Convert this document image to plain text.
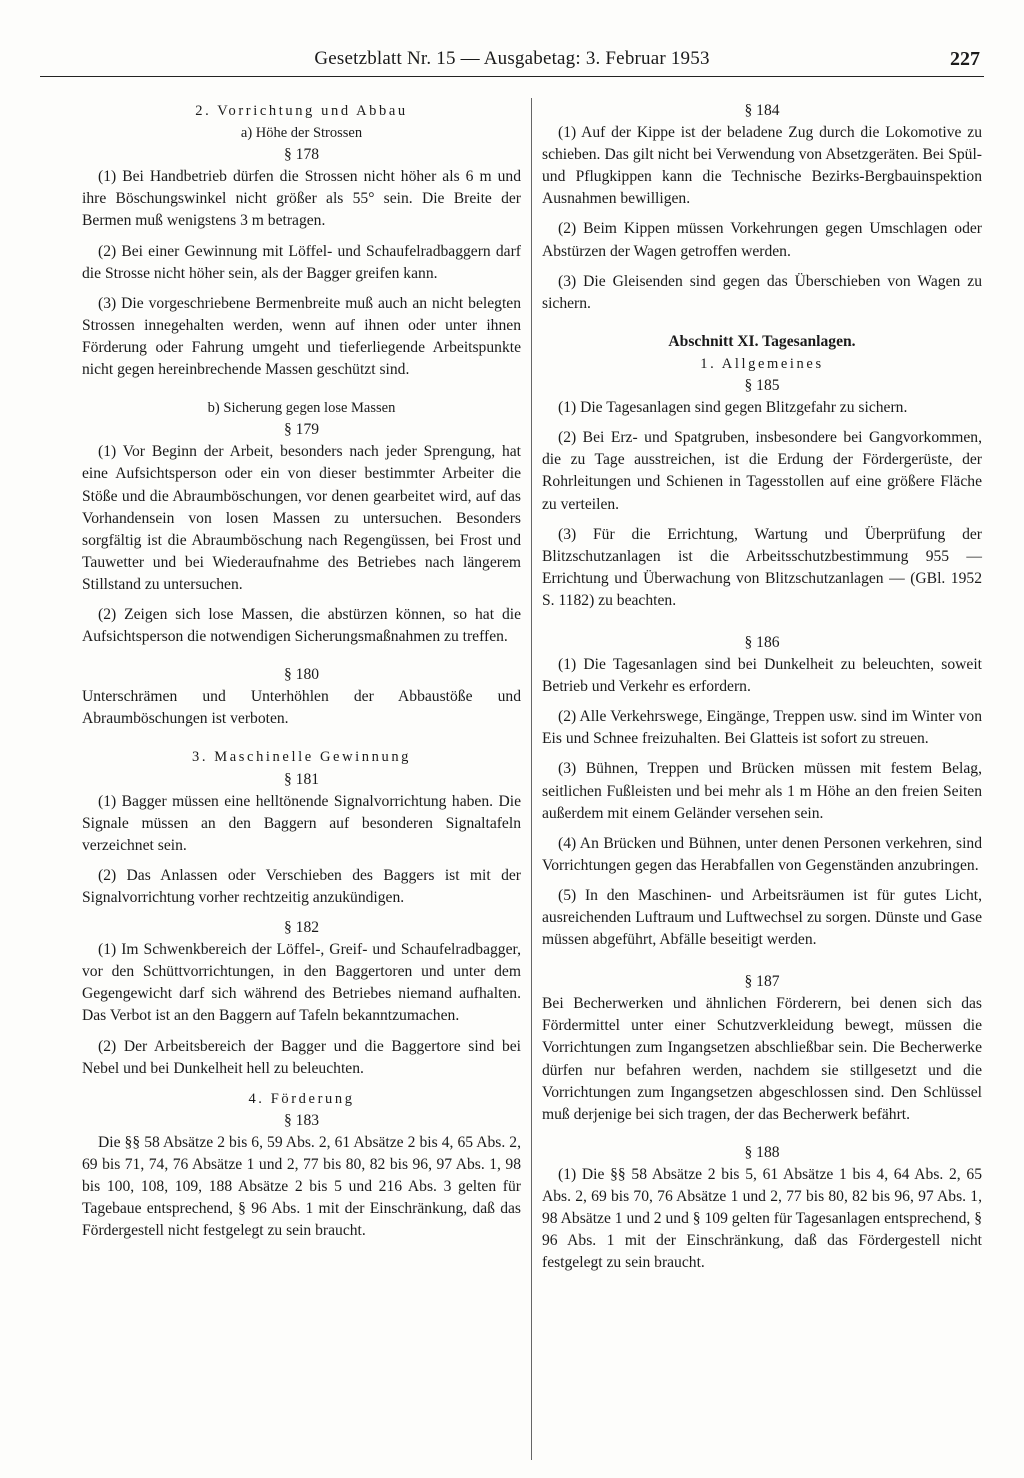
Gesetzblatt Nr. 15 — Ausgabetag: 3. Februar 1953	227

2. Vorrichtung und Abbau

a) Höhe der Strossen

§ 178

(1) Bei Handbetrieb dürfen die Strossen nicht höher als 6 m und ihre Böschungswinkel nicht größer als 55° sein. Die Breite der Bermen muß wenigstens 3 m betragen.

(2) Bei einer Gewinnung mit Löffel- und Schaufelradbaggern darf die Strosse nicht höher sein, als der Bagger greifen kann.

(3) Die vorgeschriebene Bermenbreite muß auch an nicht belegten Strossen innegehalten werden, wenn auf ihnen oder unter ihnen Förderung oder Fahrung umgeht und tieferliegende Arbeitspunkte nicht gegen hereinbrechende Massen geschützt sind.

b) Sicherung gegen lose Massen

§ 179

(1) Vor Beginn der Arbeit, besonders nach jeder Sprengung, hat eine Aufsichtsperson oder ein von dieser bestimmter Arbeiter die Stöße und die Abraumböschungen, vor denen gearbeitet wird, auf das Vorhandensein von losen Massen zu untersuchen. Besonders sorgfältig ist die Abraumböschung nach Regengüssen, bei Frost und Tauwetter und bei Wiederaufnahme des Betriebes nach längerem Stillstand zu untersuchen.

(2) Zeigen sich lose Massen, die abstürzen können, so hat die Aufsichtsperson die notwendigen Sicherungsmaßnahmen zu treffen.

§ 180

Unterschrämen und Unterhöhlen der Abbaustöße und Abraumböschungen ist verboten.

3. Maschinelle Gewinnung

§ 181

(1) Bagger müssen eine helltönende Signalvorrichtung haben. Die Signale müssen an den Baggern auf besonderen Signaltafeln verzeichnet sein.

(2) Das Anlassen oder Verschieben des Baggers ist mit der Signalvorrichtung vorher rechtzeitig anzukündigen.

§ 182

(1) Im Schwenkbereich der Löffel-, Greif- und Schaufelradbagger, vor den Schüttvorrichtungen, in den Baggertoren und unter dem Gegengewicht darf sich während des Betriebes niemand aufhalten. Das Verbot ist an den Baggern auf Tafeln bekanntzumachen.

(2) Der Arbeitsbereich der Bagger und die Baggertore sind bei Nebel und bei Dunkelheit hell zu beleuchten.

4. Förderung

§ 183

Die §§ 58 Absätze 2 bis 6, 59 Abs. 2, 61 Absätze 2 bis 4, 65 Abs. 2, 69 bis 71, 74, 76 Absätze 1 und 2, 77 bis 80, 82 bis 96, 97 Abs. 1, 98 bis 100, 108, 109, 188 Absätze 2 bis 5 und 216 Abs. 3 gelten für Tagebaue entsprechend, § 96 Abs. 1 mit der Einschränkung, daß das Fördergestell nicht festgelegt zu sein braucht.

§ 184

(1) Auf der Kippe ist der beladene Zug durch die Lokomotive zu schieben. Das gilt nicht bei Verwendung von Absetzgeräten. Bei Spül- und Pflugkippen kann die Technische Bezirks-Bergbauinspektion Ausnahmen bewilligen.

(2) Beim Kippen müssen Vorkehrungen gegen Umschlagen oder Abstürzen der Wagen getroffen werden.

(3) Die Gleisenden sind gegen das Überschieben von Wagen zu sichern.

Abschnitt XI. Tagesanlagen.

1. Allgemeines

§ 185

(1) Die Tagesanlagen sind gegen Blitzgefahr zu sichern.

(2) Bei Erz- und Spatgruben, insbesondere bei Gangvorkommen, die zu Tage ausstreichen, ist die Erdung der Fördergerüste, der Rohrleitungen und Schienen in Tagesstollen auf eine größere Fläche zu verteilen.

(3) Für die Errichtung, Wartung und Überprüfung der Blitzschutzanlagen ist die Arbeitsschutzbestimmung 955 — Errichtung und Überwachung von Blitzschutzanlagen — (GBl. 1952 S. 1182) zu beachten.

§ 186

(1) Die Tagesanlagen sind bei Dunkelheit zu beleuchten, soweit Betrieb und Verkehr es erfordern.

(2) Alle Verkehrswege, Eingänge, Treppen usw. sind im Winter von Eis und Schnee freizuhalten. Bei Glatteis ist sofort zu streuen.

(3) Bühnen, Treppen und Brücken müssen mit festem Belag, seitlichen Fußleisten und bei mehr als 1 m Höhe an den freien Seiten außerdem mit einem Geländer versehen sein.

(4) An Brücken und Bühnen, unter denen Personen verkehren, sind Vorrichtungen gegen das Herabfallen von Gegenständen anzubringen.

(5) In den Maschinen- und Arbeitsräumen ist für gutes Licht, ausreichenden Luftraum und Luftwechsel zu sorgen. Dünste und Gase müssen abgeführt, Abfälle beseitigt werden.

§ 187

Bei Becherwerken und ähnlichen Förderern, bei denen sich das Fördermittel unter einer Schutzverkleidung bewegt, müssen die Vorrichtungen zum Ingangsetzen abschließbar sein. Die Becherwerke dürfen nur befahren werden, nachdem sie stillgesetzt und die Vorrichtungen zum Ingangsetzen abgeschlossen sind. Den Schlüssel muß derjenige bei sich tragen, der das Becherwerk befährt.

§ 188

(1) Die §§ 58 Absätze 2 bis 5, 61 Absätze 1 bis 4, 64 Abs. 2, 65 Abs. 2, 69 bis 70, 76 Absätze 1 und 2, 77 bis 80, 82 bis 96, 97 Abs. 1, 98 Absätze 1 und 2 und § 109 gelten für Tagesanlagen entsprechend, § 96 Abs. 1 mit der Einschränkung, daß das Fördergestell nicht festgelegt zu sein braucht.
